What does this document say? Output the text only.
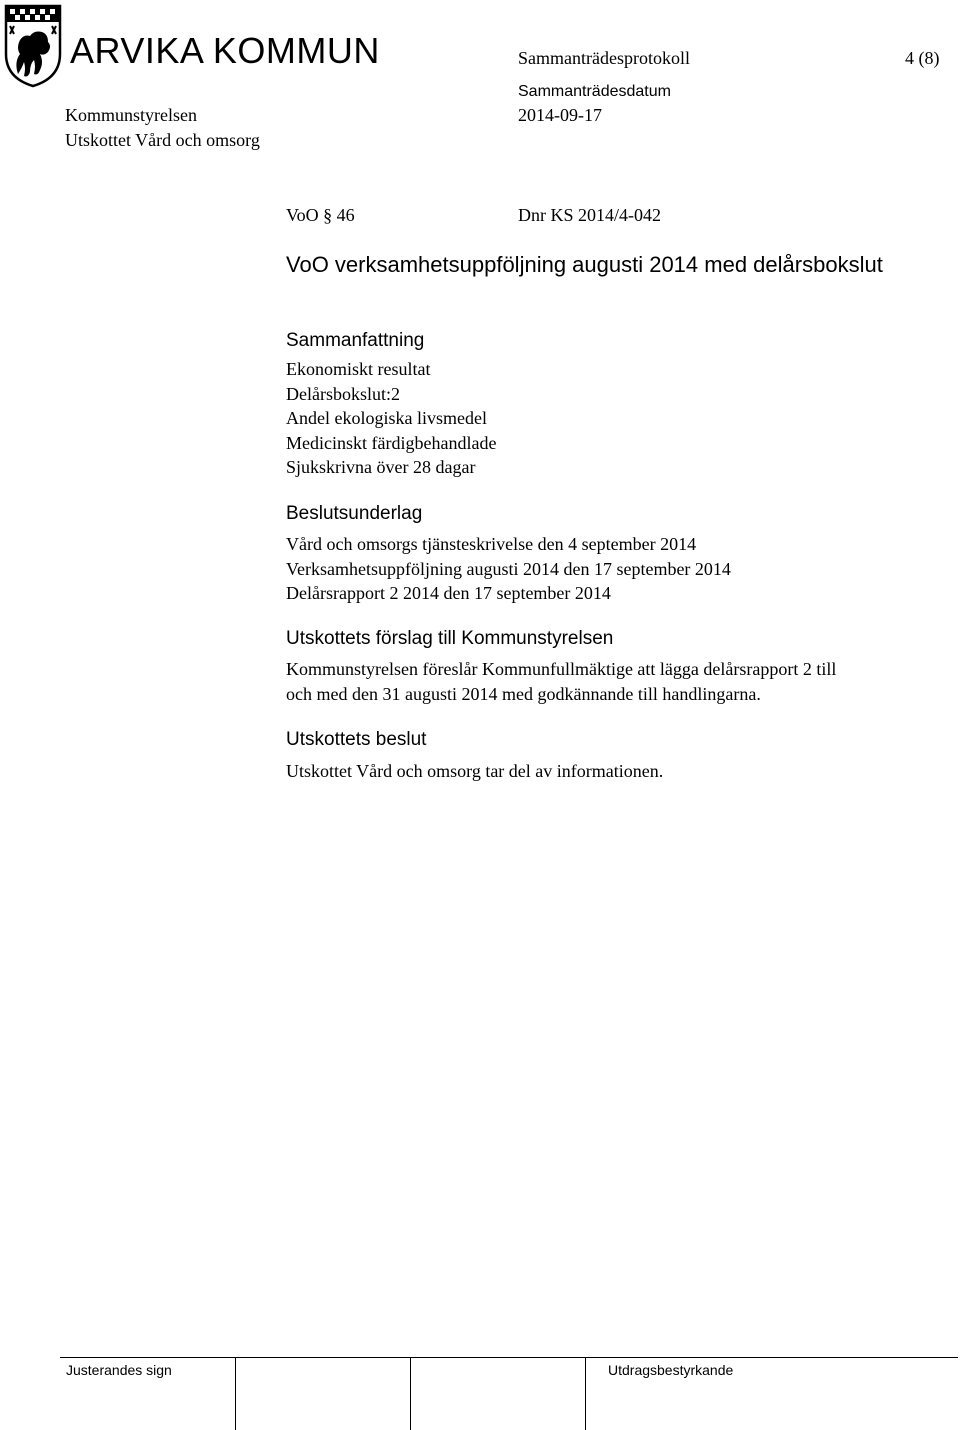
ARVIKA KOMMUN	Sammanträdesprotokoll	4 (8)
Kommunstyrelsen
Sammanträdesdatum
2014-09-17
Utskottet Vård och omsorg
VoO § 46	Dnr KS 2014/4-042
VoO verksamhetsuppföljning augusti 2014 med delårsbokslut
Sammanfattning
Ekonomiskt resultat
Delårsbokslut:2
Andel ekologiska livsmedel
Medicinskt färdigbehandlade
Sjukskrivna över 28 dagar
Beslutsunderlag
Vård och omsorgs tjänsteskrivelse den 4 september 2014
Verksamhetsuppföljning augusti 2014 den 17 september 2014
Delårsrapport 2 2014 den 17 september 2014
Utskottets förslag till Kommunstyrelsen
Kommunstyrelsen föreslår Kommunfullmäktige att lägga delårsrapport 2 till
och med den 31 augusti 2014 med godkännande till handlingarna.
Utskottets beslut
Utskottet Vård och omsorg tar del av informationen.
Justerandes sign	Utdragsbestyrkande
